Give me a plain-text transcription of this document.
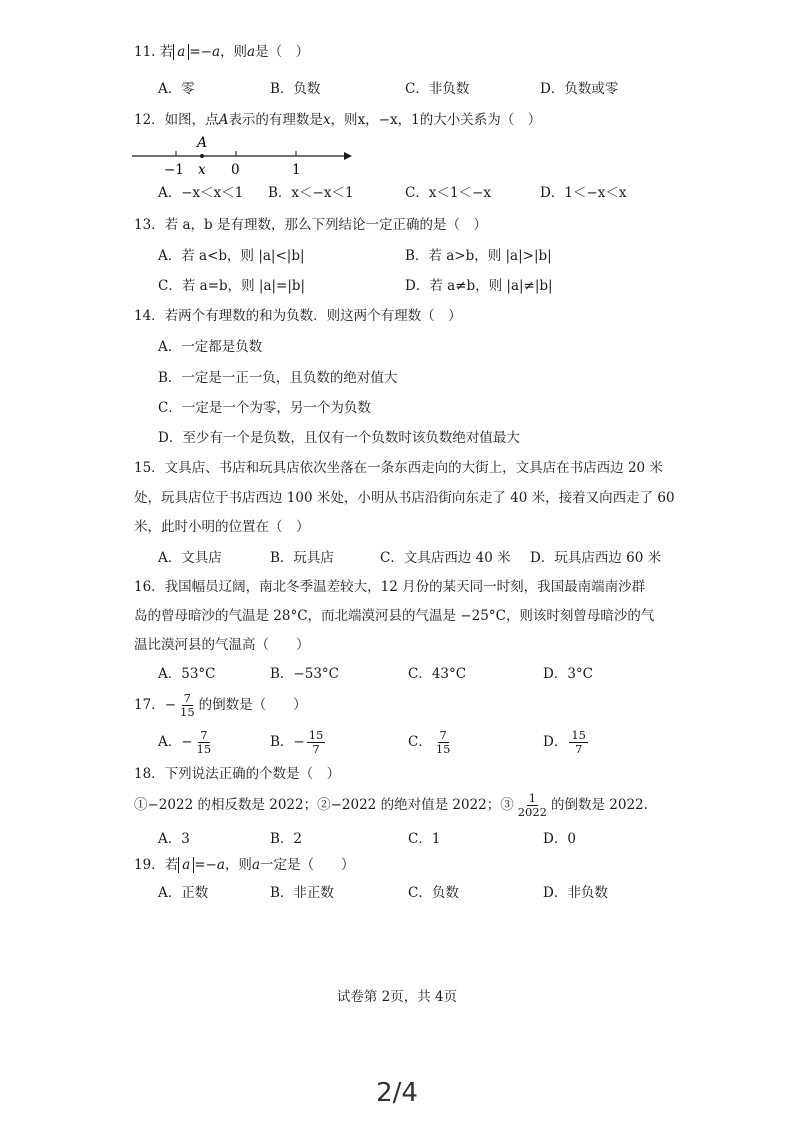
11. 若 a =−a，则a是（　）
A．零	B．负数	C．非负数	D．负数或零
12．如图，点A表示的有理数是x，则x，−x，1的大小关系为（　）
A
−1 x 0	1
A．−x＜x＜1 B．x＜−x＜1	C．x＜1＜−x	D．1＜−x＜x
13．若 a，b 是有理数，那么下列结论一定正确的是（　）
A．若 a<b，则 |a|<|b|	B．若 a>b，则 |a|>|b|
C．若 a=b，则 |a|=|b|	D．若 a≠b，则 |a|≠|b|
14．若两个有理数的和为负数．则这两个有理数（　）
A．一定都是负数
B．一定是一正一负，且负数的绝对值大
C．一定是一个为零，另一个为负数
D．至少有一个是负数，且仅有一个负数时该负数绝对值最大
15．文具店、书店和玩具店依次坐落在一条东西走向的大街上，文具店在书店西边 20 米
处，玩具店位于书店西边 100 米处，小明从书店沿街向东走了 40 米，接着又向西走了 60
米，此时小明的位置在（　）
A．文具店	B．玩具店	C．文具店西边 40 米 D．玩具店西边 60 米
16．我国幅员辽阔，南北冬季温差较大，12 月份的某天同一时刻，我国最南端南沙群
岛的曾母暗沙的气温是 28°C，而北端漠河县的气温是 −25°C，则该时刻曾母暗沙的气
温比漠河县的气温高（　　）
A．53°C	B．−53°C	C．43°C	D．3°C
17．− $\frac{7}{15}$ 的倒数是（　　）
A．− $\frac{7}{15}$	B．− $\frac{15}{7}$	C． $\frac{7}{15}$	D． $\frac{15}{7}$
18．下列说法正确的个数是（　）
①−2022 的相反数是 2022；②−2022 的绝对值是 2022；③ $\frac{1}{2022}$ 的倒数是 2022.
A．3	B．2	C．1	D．0
19．若 a =−a，则a一定是（　　）
A．正数	B．非正数	C．负数	D．非负数
试卷第 2页，共 4页
2/4
